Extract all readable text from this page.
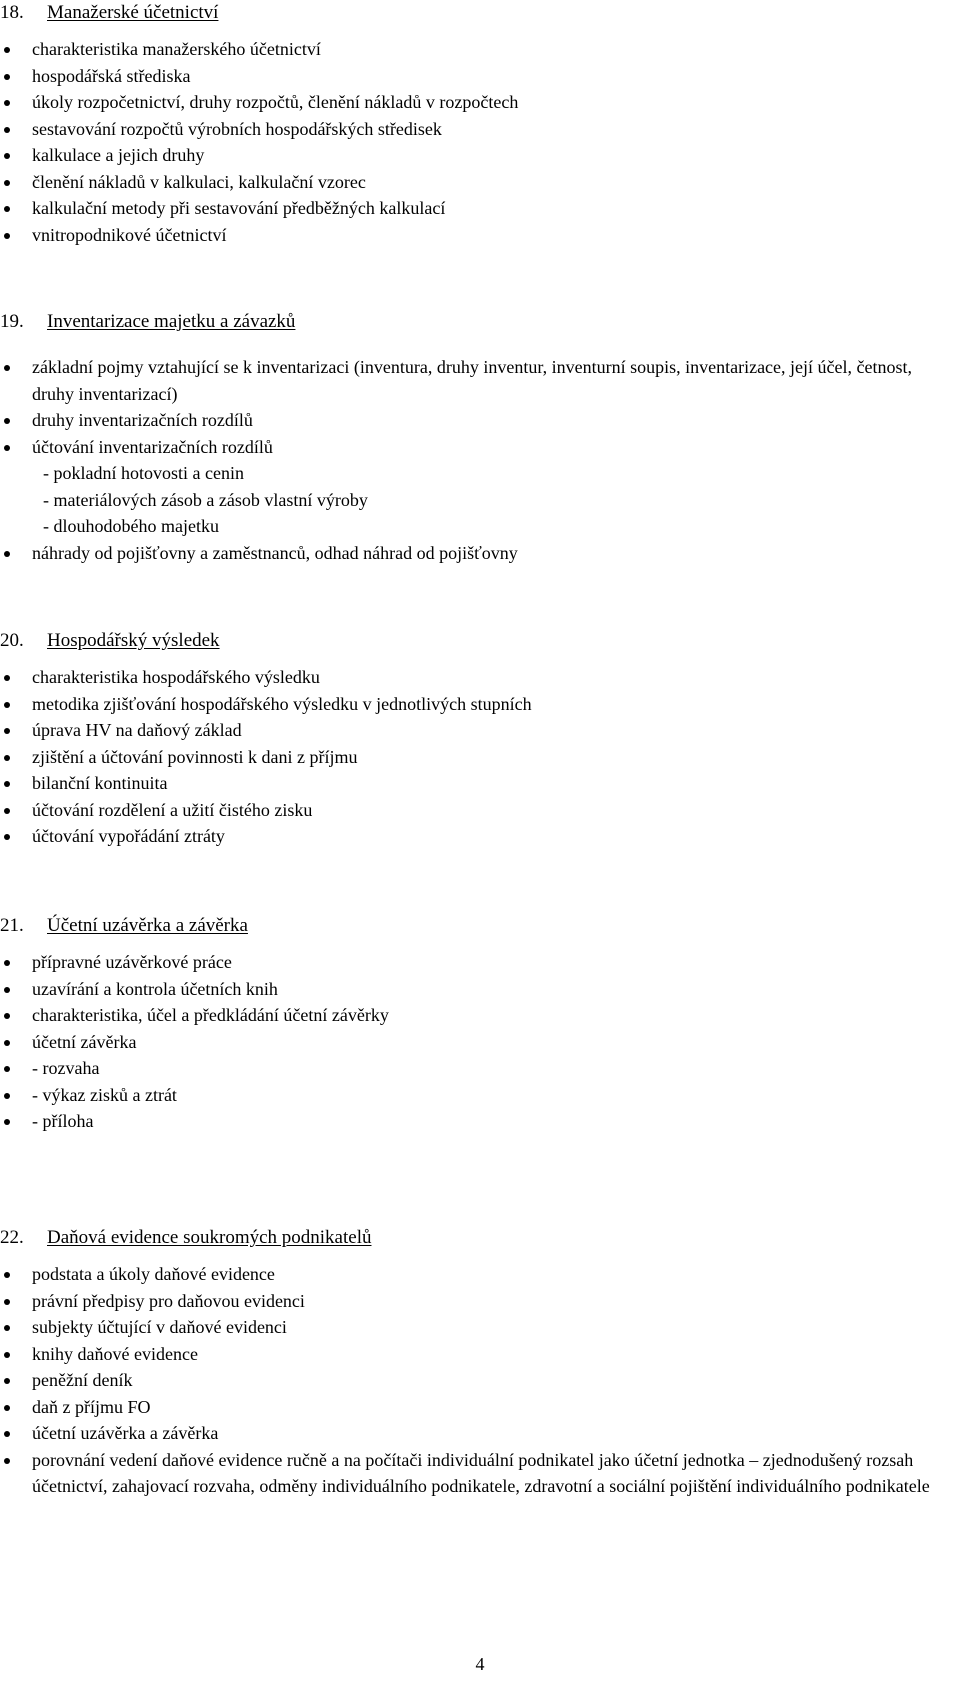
18. Manažerské účetnictví
charakteristika manažerského účetnictví
hospodářská střediska
úkoly rozpočetnictví, druhy rozpočtů, členění nákladů v rozpočtech
sestavování rozpočtů výrobních hospodářských středisek
kalkulace a jejich druhy
členění nákladů v kalkulaci, kalkulační vzorec
kalkulační metody při sestavování předběžných kalkulací
vnitropodnikové účetnictví
19. Inventarizace majetku a závazků
základní pojmy vztahující se k inventarizaci (inventura, druhy inventur, inventurní soupis, inventarizace, její účel, četnost, druhy inventarizací)
druhy inventarizačních rozdílů
účtování inventarizačních rozdílů
- pokladní hotovosti a cenin
- materiálových zásob a zásob vlastní výroby
- dlouhodobého majetku
náhrady od pojišťovny a zaměstnanců, odhad náhrad od pojišťovny
20. Hospodářský výsledek
charakteristika hospodářského výsledku
metodika zjišťování hospodářského výsledku v jednotlivých stupních
úprava HV na daňový základ
zjištění a účtování povinnosti k dani z příjmu
bilanční kontinuita
účtování rozdělení a užití čistého zisku
účtování vypořádání ztráty
21. Účetní uzávěrka a závěrka
přípravné uzávěrkové práce
uzavírání a kontrola účetních knih
charakteristika, účel a předkládání účetní závěrky
účetní závěrka
- rozvaha
- výkaz zisků a ztrát
- příloha
22. Daňová evidence soukromých podnikatelů
podstata a úkoly daňové evidence
právní předpisy pro daňovou evidenci
subjekty účtující v daňové evidenci
knihy daňové evidence
peněžní deník
daň z příjmu FO
účetní uzávěrka a závěrka
porovnání vedení daňové evidence ručně a na počítači individuální podnikatel jako účetní jednotka – zjednodušený rozsah účetnictví, zahajovací rozvaha, odměny individuálního podnikatele, zdravotní a sociální pojištění individuálního podnikatele
4
